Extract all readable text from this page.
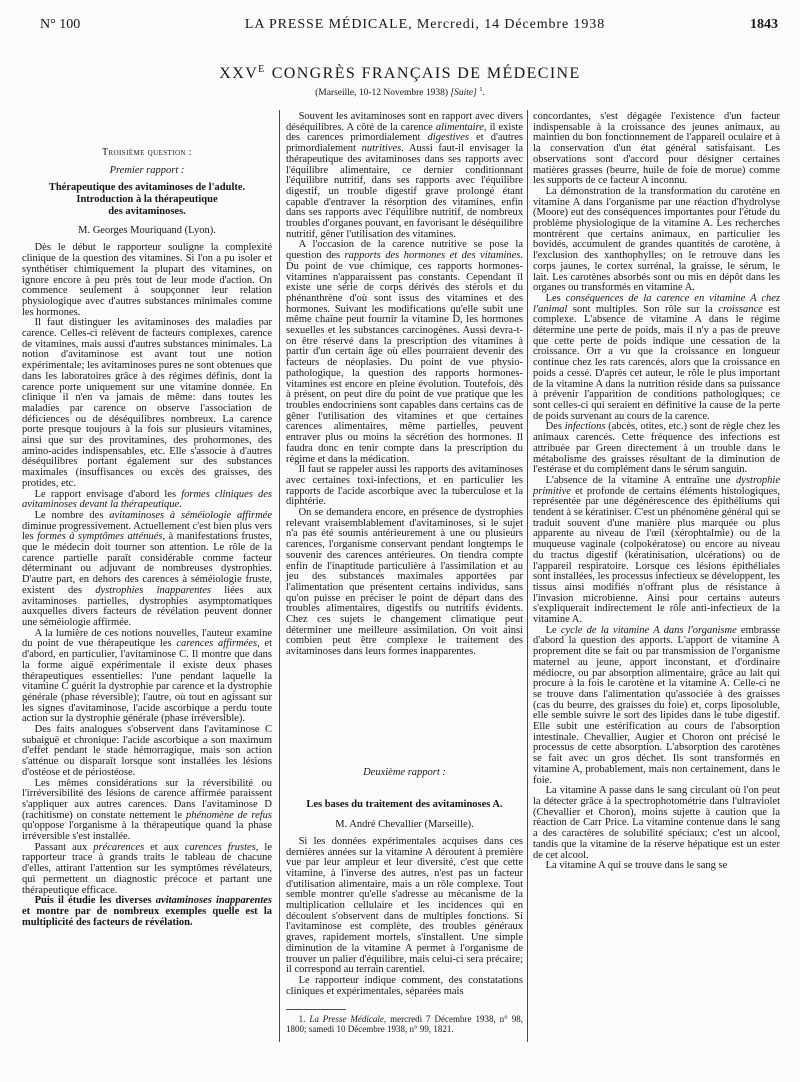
N° 100	LA PRESSE MÉDICALE, Mercredi, 14 Décembre 1938	1843
$XXV^E$ CONGRÈS FRANÇAIS DE MÉDECINE
(Marseille, 10-12 Novembre 1938) [Suite] $^1$.
Troisième question :
Premier rapport :
Thérapeutique des avitaminoses de l'adulte.
Introduction à la thérapeutique
des avitaminoses.
M. Georges Mouriquand (Lyon).

Dès le début le rapporteur souligne la complexité clinique de la question des vitamines. Si l'on a pu isoler et synthétiser chimiquement la plupart des vitamines, on ignore encore à peu près tout de leur mode d'action. On commence seulement à soupçonner leur relation physiologique avec d'autres substances minimales comme les hormones.

Il faut distinguer les avitaminoses des maladies par carence. Celles-ci relèvent de facteurs complexes, carence de vitamines, mais aussi d'autres substances minimales. La notion d'avitaminose est avant tout une notion expérimentale; les avitaminoses pures ne sont obtenues que dans les laboratoires grâce à des régimes définis, dont la carence porte uniquement sur une vitamine donnée. En clinique il n'en va jamais de même: dans toutes les maladies par carence on observe l'association de déficiences ou de déséquilibres nombreux. La carence porte presque toujours à la fois sur plusieurs vitamines, ainsi que sur des provitamines, des prohormones, des amino-acides indispensables, etc. Elle s'associe à d'autres déséquilibres portant également sur des substances maximales (insuffisances ou excès des graisses, des protides, etc.

Le rapport envisage d'abord les formes cliniques des avitaminoses devant la thérapeutique.

Le nombre des avitaminoses à séméiologie affirmée diminue progressivement. Actuellement c'est bien plus vers les formes à symptômes atténués, à manifestations frustes, que le médecin doit tourner son attention. Le rôle de la carence partielle paraît considérable comme facteur déterminant ou adjuvant de nombreuses dystrophies. D'autre part, en dehors des carences à séméiologie fruste, existent des dystrophies inapparentes liées aux avitaminoses partielles, dystrophies asymptomatiques auxquelles divers facteurs de révélation peuvent donner une séméiologie affirmée.

A la lumière de ces notions nouvelles, l'auteur examine du point de vue thérapeutique les carences affirmées, et d'abord, en particulier, l'avitaminose C. Il montre que dans la forme aiguë expérimentale il existe deux phases thérapeutiques essentielles: l'une pendant laquelle la vitamine C guérit la dystrophie par carence et la dystrophie générale (phase réversible); l'autre, où tout en agissant sur les signes d'avitaminose, l'acide ascorbique a perdu toute action sur la dystrophie générale (phase irréversible).

Des faits analogues s'observent dans l'avitaminose C subaiguë et chronique: l'acide ascorbique a son maximum d'effet pendant le stade hémorragique, mais son action s'atténue ou disparaît lorsque sont installées les lésions d'ostéose et de périostéose.

Les mêmes considérations sur la réversibilité ou l'irréversibilité des lésions de carence affirmée paraissent s'appliquer aux autres carences. Dans l'avitaminose D (rachitisme) on constate nettement le phénomène de refus qu'oppose l'organisme à la thérapeutique quand la phase irréversible s'est installée.

Passant aux précarences et aux carences frustes, le rapporteur trace à grands traits le tableau de chacune d'elles, attirant l'attention sur les symptômes révélateurs, qui permettent un diagnostic précoce et partant une thérapeutique efficace.

Puis il étudie les diverses avitaminoses inapparentes et montre par de nombreux exemples quelle est la multiplicité des facteurs de révélation.

Souvent les avitaminoses sont en rapport avec divers déséquilibres. A côté de la carence alimentaire, il existe des carences primordialement digestives et d'autres primordialement nutritives. Aussi faut-il envisager la thérapeutique des avitaminoses dans ses rapports avec l'équilibre alimentaire, ce dernier conditionnant l'équilibre nutritif, dans ses rapports avec l'équilibre digestif, un trouble digestif grave prolongé étant capable d'entraver la résorption des vitamines, enfin dans ses rapports avec l'équilibre nutritif, de nombreux troubles d'organes pouvant, en favorisant le déséquilibre nutritif, gêner l'utilisation des vitamines.

A l'occasion de la carence nutritive se pose la question des rapports des hormones et des vitamines. Du point de vue chimique, ces rapports hormones-vitamines n'apparaissent pas constants. Cependant il existe une série de corps dérivés des stérols et du phénanthrène d'où sont issus des vitamines et des hormones. Suivant les modifications qu'elle subit une même chaîne peut fournir la vitamine D, les hormones sexuelles et les substances carcinogènes. Aussi devra-t-on être réservé dans la prescription des vitamines à partir d'un certain âge où elles pourraient devenir des facteurs de néoplasies. Du point de vue physio-pathologique, la question des rapports hormones-vitamines est encore en pleine évolution. Toutefois, dès à présent, on peut dire du point de vue pratique que les troubles endocriniens sont capables dans certains cas de gêner l'utilisation des vitamines et que certaines carences alimentaires, même partielles, peuvent entraver plus ou moins la sécrétion des hormones. Il faudra donc en tenir compte dans la prescription du régime et dans la médication.

Il faut se rappeler aussi les rapports des avitaminoses avec certaines toxi-infections, et en particulier les rapports de l'acide ascorbique avec la tuberculose et la diphtérie.

On se demandera encore, en présence de dystrophies relevant vraisemblablement d'avitaminoses, si le sujet n'a pas été soumis antérieurement à une ou plusieurs carences, l'organisme conservant pendant longtemps le souvenir des carences antérieures. On tiendra compte enfin de l'inaptitude particulière à l'assimilation et au jeu des substances maximales apportées par l'alimentation que présentent certains individus, sans qu'on puisse en préciser le point de départ dans des troubles alimentaires, digestifs ou nutritifs évidents. Chez ces sujets le changement climatique peut déterminer une meilleure assimilation. On voit ainsi combien peut être complexe le traitement des avitaminoses dans leurs formes inapparentes.

Deuxième rapport :
Les bases du traitement des avitaminoses A.
M. André Chevallier (Marseille).

Si les données expérimentales acquises dans ces dernières années sur la vitamine A déroutent à première vue par leur ampleur et leur diversité, c'est que cette vitamine, à l'inverse des autres, n'est pas un facteur d'utilisation alimentaire, mais a un rôle complexe. Tout semble montrer qu'elle s'adresse au mécanisme de la multiplication cellulaire et les incidences qui en découlent s'observent dans de multiples fonctions. Si l'avitaminose est complète, des troubles généraux graves, rapidement mortels, s'installent. Une simple diminution de la vitamine A permet à l'organisme de trouver un palier d'équilibre, mais celui-ci sera précaire; il correspond au terrain carentiel.

Le rapporteur indique comment, des constatations cliniques et expérimentales, séparées mais

1. La Presse Médicale, mercredi 7 Décembre 1938, n° 98, 1800; samedi 10 Décembre 1938, n° 99, 1821.

concordantes, s'est dégagée l'existence d'un facteur indispensable à la croissance des jeunes animaux, au maintien du bon fonctionnement de l'appareil oculaire et à la conservation d'un état général satisfaisant. Les observations sont d'accord pour désigner certaines matières grasses (beurre, huile de foie de morue) comme les supports de ce facteur A inconnu.

La démonstration de la transformation du carotène en vitamine A dans l'organisme par une réaction d'hydrolyse (Moore) eut des conséquences importantes pour l'étude du problème physiologique de la vitamine A. Les recherches montrèrent que certains animaux, en particulier les bovidés, accumulent de grandes quantités de carotène, à l'exclusion des xanthophylles; on le retrouve dans les corps jaunes, le cortex surrénal, la graisse, le sérum, le lait. Les carotènes absorbés sont ou mis en dépôt dans les organes ou transformés en vitamine A.

Les conséquences de la carence en vitamine A chez l'animal sont multiples. Son rôle sur la croissance est complexe. L'absence de vitamine A dans le régime détermine une perte de poids, mais il n'y a pas de preuve que cette perte de poids indique une cessation de la croissance. Orr a vu que la croissance en longueur continue chez les rats carencés, alors que la croissance en poids a cessé. D'après cet auteur, le rôle le plus important de la vitamine A dans la nutrition réside dans sa puissance à prévenir l'apparition de conditions pathologiques; ce sont celles-ci qui seraient en définitive la cause de la perte de poids survenant au cours de la carence.

Des infections (abcès, otites, etc.) sont de règle chez les animaux carencés. Cette fréquence des infections est attribuée par Green directement à un trouble dans le métabolisme des graisses résultant de la diminution de l'estérase et du complément dans le sérum sanguin.

L'absence de la vitamine A entraîne une dystrophie primitive et profonde de certains éléments histologiques, représentée par une dégénérescence des épithéliums qui tendent à se kératiniser. C'est un phénomène général qui se traduit souvent d'une manière plus marquée ou plus apparente au niveau de l'œil (xérophtalmie) ou de la muqueuse vaginale (colpokératose) ou encore au niveau du tractus digestif (kératinisation, ulcérations) ou de l'appareil respiratoire. Lorsque ces lésions épithéliales sont installées, les processus infectieux se développent, les tissus ainsi modifiés n'offrant plus de résistance à l'invasion microbienne. Ainsi pour certains auteurs s'expliquerait indirectement le rôle anti-infectieux de la vitamine A.

Le cycle de la vitamine A dans l'organisme embrasse d'abord la question des apports. L'apport de vitamine A proprement dite se fait ou par transmission de l'organisme maternel au jeune, apport inconstant, et d'ordinaire médiocre, ou par absorption alimentaire, grâce au lait qui procure à la fois le carotène et la vitamine A. Celle-ci ne se trouve dans l'alimentation qu'associée à des graisses (cas du beurre, des graisses du foie) et, corps liposoluble, elle semble suivre le sort des lipides dans le tube digestif. Elle subit une estérification au cours de l'absorption intestinale. Chevallier, Augier et Choron ont précisé le processus de cette absorption. L'absorption des carotènes se fait avec un gros déchet. Ils sont transformés en vitamine A, probablement, mais non certainement, dans le foie.

La vitamine A passe dans le sang circulant où l'on peut la détecter grâce à la spectrophotométrie dans l'ultraviolet (Chevallier et Choron), moins sujette à caution que la réaction de Carr Price. La vitamine contenue dans le sang a des caractères de solubilité spéciaux; c'est un alcool, tandis que la vitamine de la réserve hépatique est un ester de cet alcool.

La vitamine A qui se trouve dans le sang se
